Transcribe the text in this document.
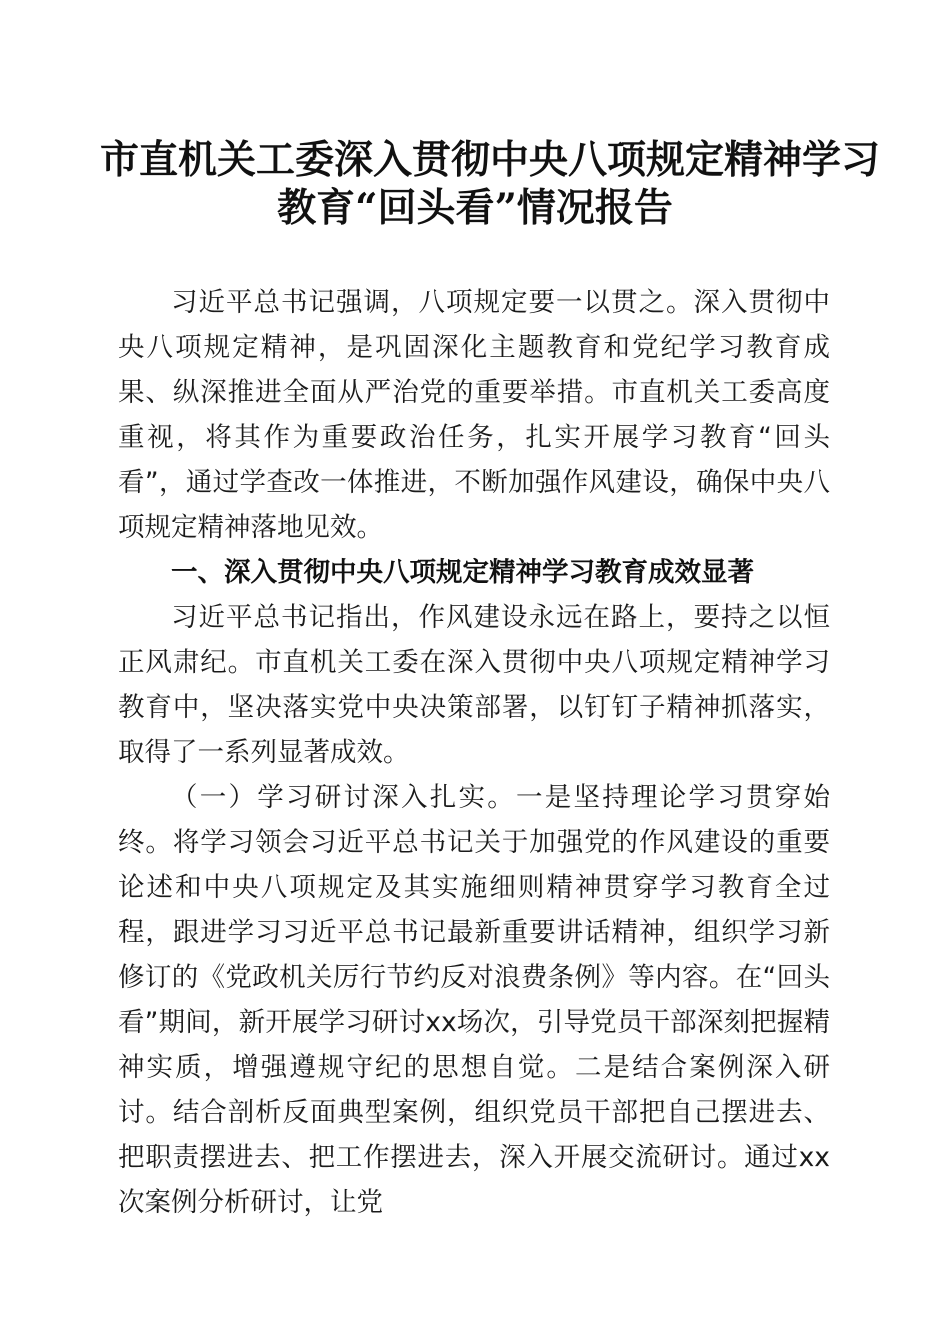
市直机关工委深入贯彻中央八项规定精神学习
教育“回头看”情况报告

习近平总书记强调，八项规定要一以贯之。深入贯彻中央八项规定精神，是巩固深化主题教育和党纪学习教育成果、纵深推进全面从严治党的重要举措。市直机关工委高度重视，将其作为重要政治任务，扎实开展学习教育“回头看”，通过学查改一体推进，不断加强作风建设，确保中央八项规定精神落地见效。

一、深入贯彻中央八项规定精神学习教育成效显著

习近平总书记指出，作风建设永远在路上，要持之以恒正风肃纪。市直机关工委在深入贯彻中央八项规定精神学习教育中，坚决落实党中央决策部署，以钉钉子精神抓落实，取得了一系列显著成效。

（一）学习研讨深入扎实。一是坚持理论学习贯穿始终。将学习领会习近平总书记关于加强党的作风建设的重要论述和中央八项规定及其实施细则精神贯穿学习教育全过程，跟进学习习近平总书记最新重要讲话精神，组织学习新修订的《党政机关厉行节约反对浪费条例》等内容。在“回头看”期间，新开展学习研讨xx场次，引导党员干部深刻把握精神实质，增强遵规守纪的思想自觉。二是结合案例深入研讨。结合剖析反面典型案例，组织党员干部把自己摆进去、把职责摆进去、把工作摆进去，深入开展交流研讨。通过xx次案例分析研讨，让党
